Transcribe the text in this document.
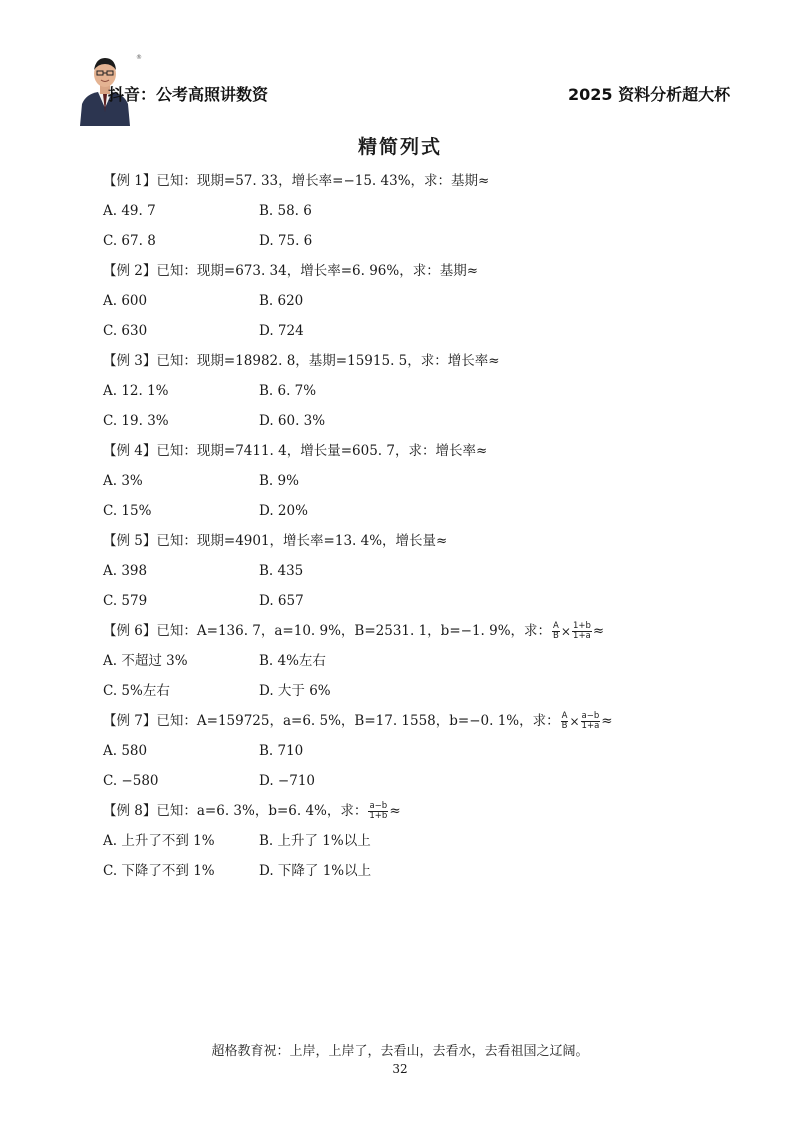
®
抖音：公考高照讲数资	2025 资料分析超大杯
精简列式
【例 1】已知：现期=57. 33，增长率=−15. 43%，求：基期≈
A. 49. 7	B. 58. 6
C. 67. 8	D. 75. 6
【例 2】已知：现期=673. 34，增长率=6. 96%，求：基期≈
A. 600	B. 620
C. 630	D. 724
【例 3】已知：现期=18982. 8，基期=15915. 5，求：增长率≈
A. 12. 1%	B. 6. 7%
C. 19. 3%	D. 60. 3%
【例 4】已知：现期=7411. 4，增长量=605. 7，求：增长率≈
A. 3%	B. 9%
C. 15%	D. 20%
【例 5】已知：现期=4901，增长率=13. 4%，增长量≈
A. 398	B. 435
C. 579	D. 657
【例 6】已知：A=136. 7，a=10. 9%，B=2531. 1，b=−1. 9%，求： $\frac{A}{B} \times \frac{1+b}{1+a}$ ≈
A. 不超过 3%	B. 4%左右
C. 5%左右	D. 大于 6%
【例 7】已知：A=159725，a=6. 5%，B=17. 1558，b=−0. 1%，求： $\frac{A}{B} \times \frac{a-b}{1+a}$ ≈
A. 580	B. 710
C. −580	D. −710
【例 8】已知：a=6. 3%，b=6. 4%，求： $\frac{a-b}{1+b}$ ≈
A. 上升了不到 1%	B. 上升了 1%以上
C. 下降了不到 1%	D. 下降了 1%以上
超格教育祝：上岸，上岸了，去看山，去看水，去看祖国之辽阔。
32
